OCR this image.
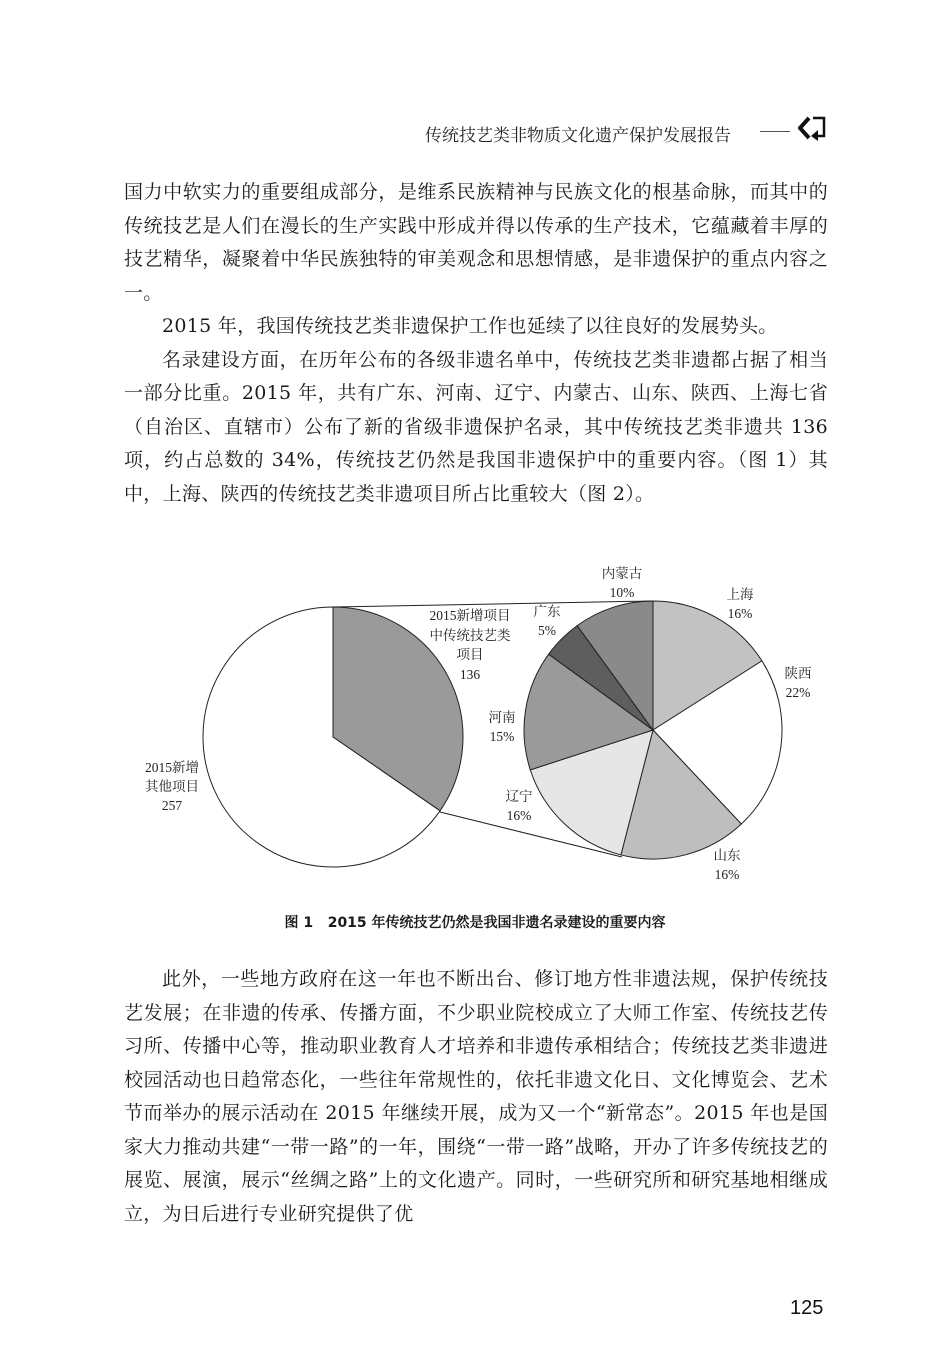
传统技艺类非物质文化遗产保护发展报告

国力中软实力的重要组成部分，是维系民族精神与民族文化的根基命脉，而其中的传统技艺是人们在漫长的生产实践中形成并得以传承的生产技术，它蕴藏着丰厚的技艺精华，凝聚着中华民族独特的审美观念和思想情感，是非遗保护的重点内容之一。

2015 年，我国传统技艺类非遗保护工作也延续了以往良好的发展势头。

名录建设方面，在历年公布的各级非遗名单中，传统技艺类非遗都占据了相当一部分比重。2015 年，共有广东、河南、辽宁、内蒙古、山东、陕西、上海七省（自治区、直辖市）公布了新的省级非遗保护名录，其中传统技艺类非遗共 136 项，约占总数的 34%，传统技艺仍然是我国非遗保护中的重要内容。（图 1）其中，上海、陕西的传统技艺类非遗项目所占比重较大（图 2）。

2015新增项目
中传统技艺类
项目
136
2015新增
其他项目
257
上海
16%
陕西
22%
山东
16%
辽宁
16%
河南
15%
广东
5%
内蒙古
10%
图 1 2015 年传统技艺仍然是我国非遗名录建设的重要内容

此外，一些地方政府在这一年也不断出台、修订地方性非遗法规，保护传统技艺发展；在非遗的传承、传播方面，不少职业院校成立了大师工作室、传统技艺传习所、传播中心等，推动职业教育人才培养和非遗传承相结合；传统技艺类非遗进校园活动也日趋常态化，一些往年常规性的，依托非遗文化日、文化博览会、艺术节而举办的展示活动在 2015 年继续开展，成为又一个“新常态”。2015 年也是国家大力推动共建“一带一路”的一年，围绕“一带一路”战略，开办了许多传统技艺的展览、展演，展示“丝绸之路”上的文化遗产。同时，一些研究所和研究基地相继成立，为日后进行专业研究提供了优

125
